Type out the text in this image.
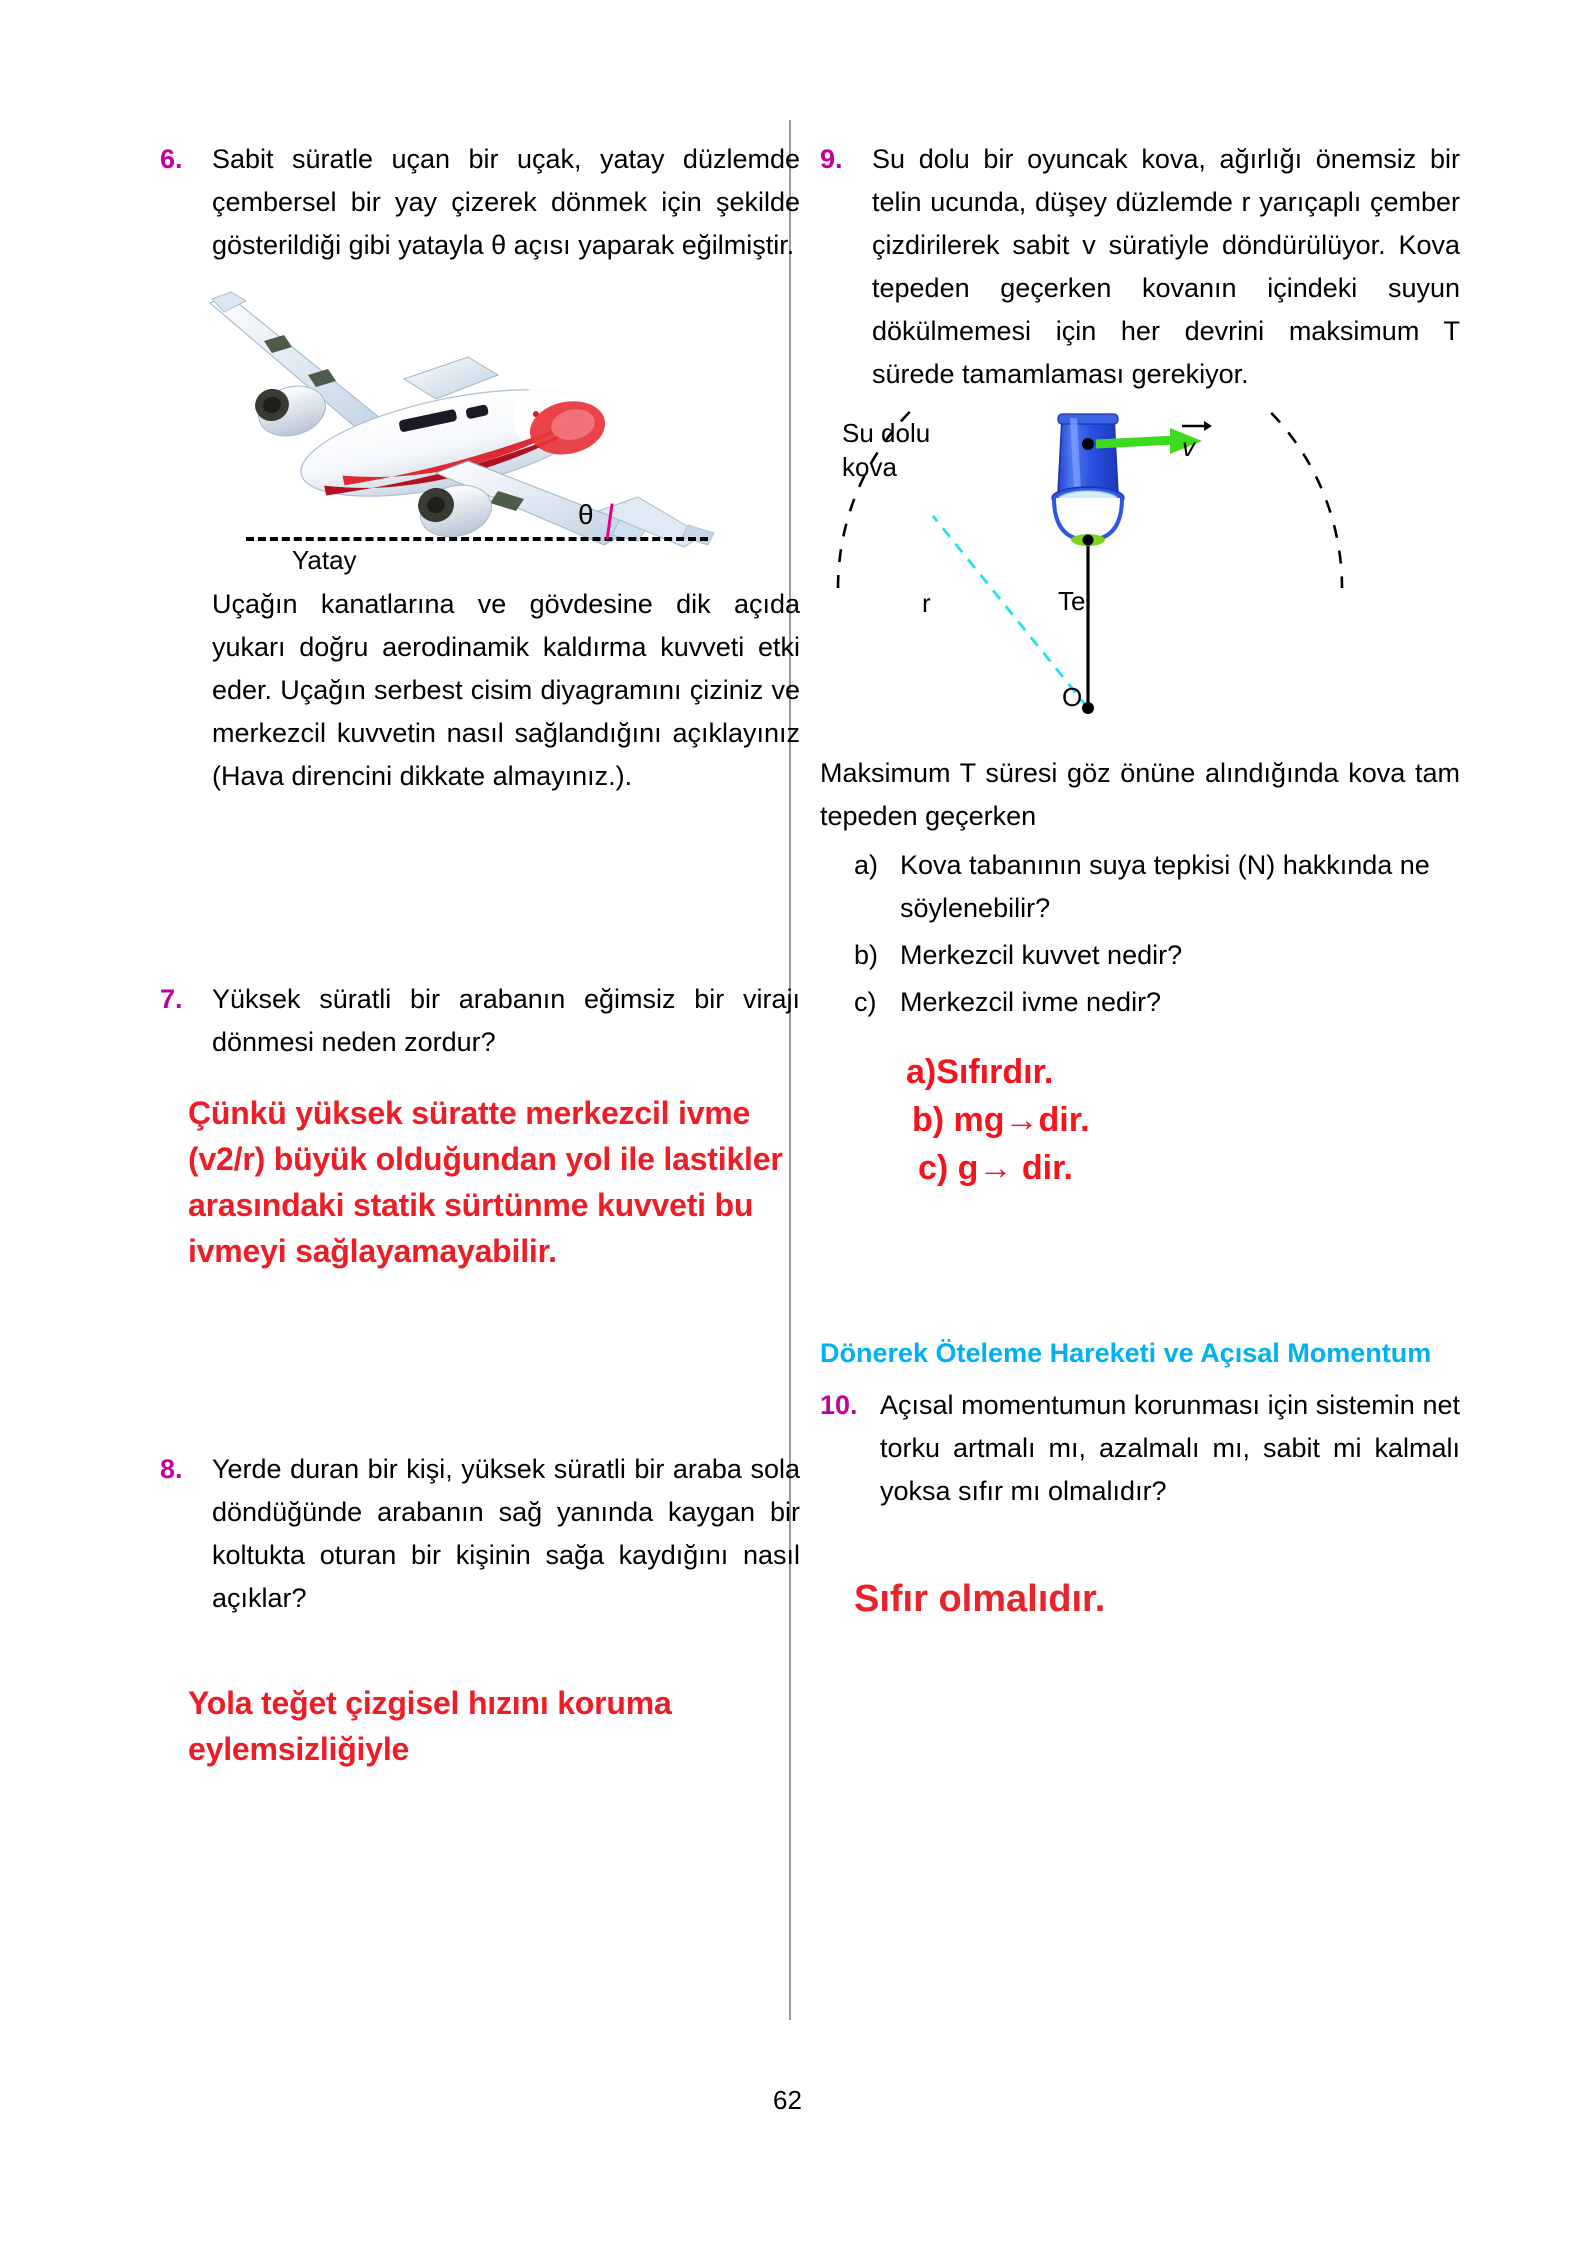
6.	Sabit süratle uçan bir uçak, yatay düzlemde çembersel bir yay çizerek dönmek için şekilde gösterildiği gibi yatayla θ açısı yaparak eğilmiştir.
θ
Yatay

Uçağın kanatlarına ve gövdesine dik açıda yukarı doğru aerodinamik kaldırma kuvveti etki eder. Uçağın serbest cisim diyagramını çiziniz ve merkezcil kuvvetin nasıl sağlandığını açıklayınız (Hava direncini dikkate almayınız.).

7.	Yüksek süratli bir arabanın eğimsiz bir virajı dönmesi neden zordur?
Çünkü yüksek süratte merkezcil ivme (v2/r) büyük olduğundan yol ile lastikler arasındaki statik sürtünme kuvveti bu ivmeyi sağlayamayabilir.
8.	Yerde duran bir kişi, yüksek süratli bir araba sola döndüğünde arabanın sağ yanında kaygan bir koltukta oturan bir kişinin sağa kaydığını nasıl açıklar?
Yola teğet çizgisel hızını koruma eylemsizliğiyle
9.	Su dolu bir oyuncak kova, ağırlığı önemsiz bir telin ucunda, düşey düzlemde r yarıçaplı çember çizdirilerek sabit v süratiyle döndürülüyor. Kova tepeden geçerken kovanın içindeki suyun dökülmemesi için her devrini maksimum T sürede tamamlaması gerekiyor.
Su dolu
kova
v
r	Tel
O

Maksimum T süresi göz önüne alındığında kova tam tepeden geçerken

a) Kova tabanının suya tepkisi (N) hakkında ne söylenebilir?
b) Merkezcil kuvvet nedir?
c) Merkezcil ivme nedir?
a)Sıfırdır.
b) mg→dir.
c) g→ dir.
Dönerek Öteleme Hareketi ve Açısal Momentum
10. Açısal momentumun korunması için sistemin net torku artmalı mı, azalmalı mı, sabit mi kalmalı yoksa sıfır mı olmalıdır?
Sıfır olmalıdır.
62
